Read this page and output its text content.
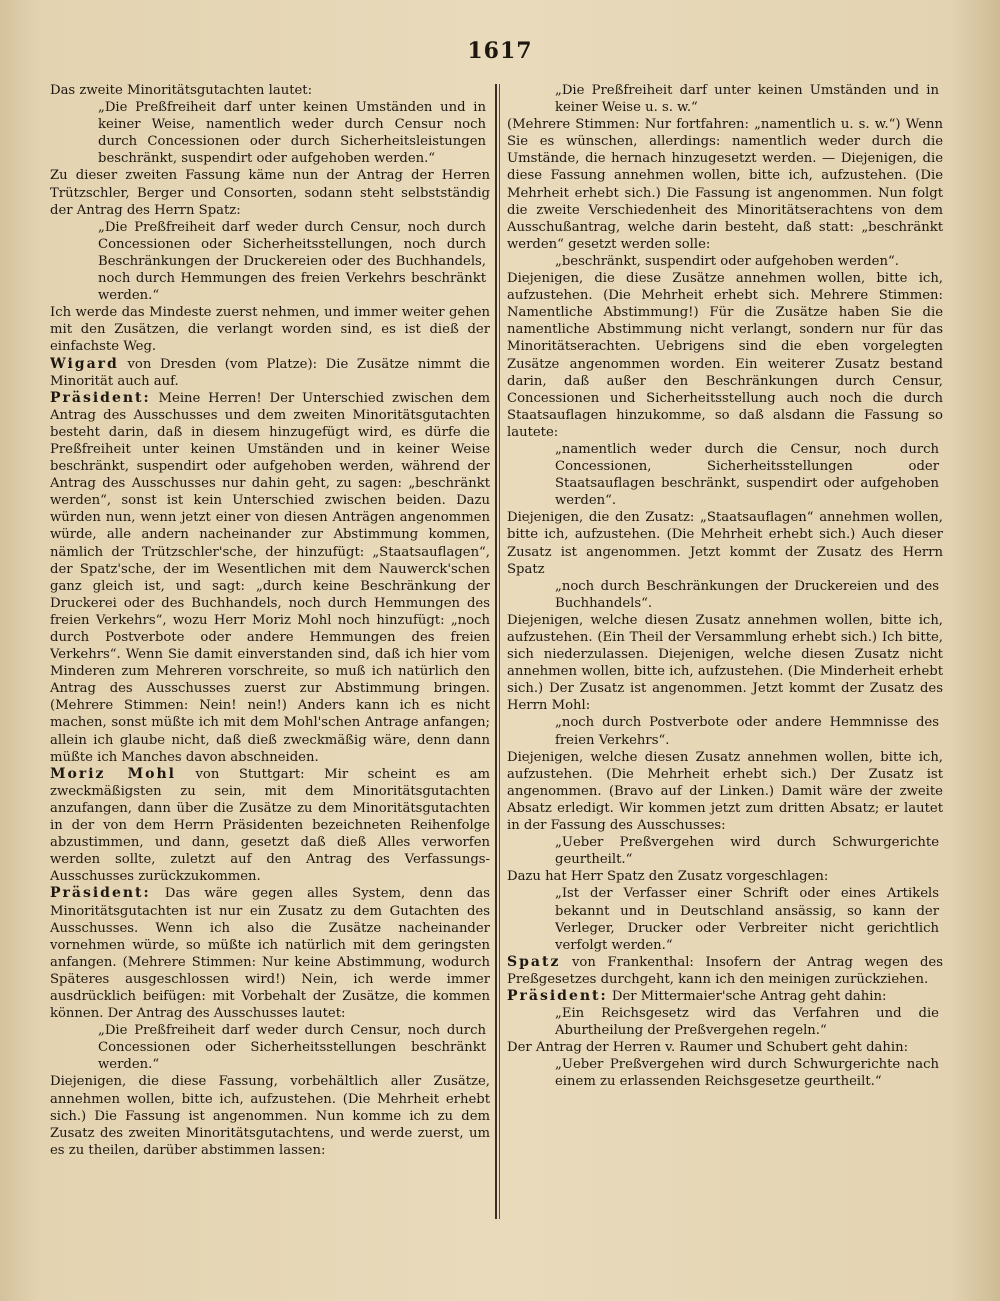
1617

Das zweite Minoritätsgutachten lautet:

„Die Preßfreiheit darf unter keinen Umständen und in keiner Weise, namentlich weder durch Censur noch durch Concessionen oder durch Sicherheitsleistungen beschränkt, suspendirt oder aufgehoben werden.“

Zu dieser zweiten Fassung käme nun der Antrag der Herren Trützschler, Berger und Consorten, sodann steht selbstständig der Antrag des Herrn Spatz:

„Die Preßfreiheit darf weder durch Censur, noch durch Concessionen oder Sicherheitsstellungen, noch durch Beschränkungen der Druckereien oder des Buchhandels, noch durch Hemmungen des freien Verkehrs beschränkt werden.“

Ich werde das Mindeste zuerst nehmen, und immer weiter gehen mit den Zusätzen, die verlangt worden sind, es ist dieß der einfachste Weg.

Wigard von Dresden (vom Platze): Die Zusätze nimmt die Minorität auch auf.

Präsident: Meine Herren! Der Unterschied zwischen dem Antrag des Ausschusses und dem zweiten Minoritätsgutachten besteht darin, daß in diesem hinzugefügt wird, es dürfe die Preßfreiheit unter keinen Umständen und in keiner Weise beschränkt, suspendirt oder aufgehoben werden, während der Antrag des Ausschusses nur dahin geht, zu sagen: „beschränkt werden“, sonst ist kein Unterschied zwischen beiden. Dazu würden nun, wenn jetzt einer von diesen Anträgen angenommen würde, alle andern nacheinander zur Abstimmung kommen, nämlich der Trützschler'sche, der hinzufügt: „Staatsauflagen“, der Spatz'sche, der im Wesentlichen mit dem Nauwerck'schen ganz gleich ist, und sagt: „durch keine Beschränkung der Druckerei oder des Buchhandels, noch durch Hemmungen des freien Verkehrs“, wozu Herr Moriz Mohl noch hinzufügt: „noch durch Postverbote oder andere Hemmungen des freien Verkehrs“. Wenn Sie damit einverstanden sind, daß ich hier vom Minderen zum Mehreren vorschreite, so muß ich natürlich den Antrag des Ausschusses zuerst zur Abstimmung bringen. (Mehrere Stimmen: Nein! nein!) Anders kann ich es nicht machen, sonst müßte ich mit dem Mohl'schen Antrage anfangen; allein ich glaube nicht, daß dieß zweckmäßig wäre, denn dann müßte ich Manches davon abschneiden.

Moriz Mohl von Stuttgart: Mir scheint es am zweckmäßigsten zu sein, mit dem Minoritätsgutachten anzufangen, dann über die Zusätze zu dem Minoritätsgutachten in der von dem Herrn Präsidenten bezeichneten Reihenfolge abzustimmen, und dann, gesetzt daß dieß Alles verworfen werden sollte, zuletzt auf den Antrag des Verfassungs-Ausschusses zurückzukommen.

Präsident: Das wäre gegen alles System, denn das Minoritätsgutachten ist nur ein Zusatz zu dem Gutachten des Ausschusses. Wenn ich also die Zusätze nacheinander vornehmen würde, so müßte ich natürlich mit dem geringsten anfangen. (Mehrere Stimmen: Nur keine Abstimmung, wodurch Späteres ausgeschlossen wird!) Nein, ich werde immer ausdrücklich beifügen: mit Vorbehalt der Zusätze, die kommen können. Der Antrag des Ausschusses lautet:

„Die Preßfreiheit darf weder durch Censur, noch durch Concessionen oder Sicherheitsstellungen beschränkt werden.“

Diejenigen, die diese Fassung, vorbehältlich aller Zusätze, annehmen wollen, bitte ich, aufzustehen. (Die Mehrheit erhebt sich.) Die Fassung ist angenommen. Nun komme ich zu dem Zusatz des zweiten Minoritätsgutachtens, und werde zuerst, um es zu theilen, darüber abstimmen lassen:

„Die Preßfreiheit darf unter keinen Umständen und in keiner Weise u. s. w.“

(Mehrere Stimmen: Nur fortfahren: „namentlich u. s. w.“) Wenn Sie es wünschen, allerdings: namentlich weder durch die Umstände, die hernach hinzugesetzt werden. — Diejenigen, die diese Fassung annehmen wollen, bitte ich, aufzustehen. (Die Mehrheit erhebt sich.) Die Fassung ist angenommen. Nun folgt die zweite Verschiedenheit des Minoritätserachtens von dem Ausschußantrag, welche darin besteht, daß statt: „beschränkt werden“ gesetzt werden solle:

„beschränkt, suspendirt oder aufgehoben werden“.

Diejenigen, die diese Zusätze annehmen wollen, bitte ich, aufzustehen. (Die Mehrheit erhebt sich. Mehrere Stimmen: Namentliche Abstimmung!) Für die Zusätze haben Sie die namentliche Abstimmung nicht verlangt, sondern nur für das Minoritätserachten. Uebrigens sind die eben vorgelegten Zusätze angenommen worden. Ein weiterer Zusatz bestand darin, daß außer den Beschränkungen durch Censur, Concessionen und Sicherheitsstellung auch noch die durch Staatsauflagen hinzukomme, so daß alsdann die Fassung so lautete:

„namentlich weder durch die Censur, noch durch Concessionen, Sicherheitsstellungen oder Staatsauflagen beschränkt, suspendirt oder aufgehoben werden“.

Diejenigen, die den Zusatz: „Staatsauflagen“ annehmen wollen, bitte ich, aufzustehen. (Die Mehrheit erhebt sich.) Auch dieser Zusatz ist angenommen. Jetzt kommt der Zusatz des Herrn Spatz

„noch durch Beschränkungen der Druckereien und des Buchhandels“.

Diejenigen, welche diesen Zusatz annehmen wollen, bitte ich, aufzustehen. (Ein Theil der Versammlung erhebt sich.) Ich bitte, sich niederzulassen. Diejenigen, welche diesen Zusatz nicht annehmen wollen, bitte ich, aufzustehen. (Die Minderheit erhebt sich.) Der Zusatz ist angenommen. Jetzt kommt der Zusatz des Herrn Mohl:

„noch durch Postverbote oder andere Hemmnisse des freien Verkehrs“.

Diejenigen, welche diesen Zusatz annehmen wollen, bitte ich, aufzustehen. (Die Mehrheit erhebt sich.) Der Zusatz ist angenommen. (Bravo auf der Linken.) Damit wäre der zweite Absatz erledigt. Wir kommen jetzt zum dritten Absatz; er lautet in der Fassung des Ausschusses:

„Ueber Preßvergehen wird durch Schwurgerichte geurtheilt.“

Dazu hat Herr Spatz den Zusatz vorgeschlagen:

„Ist der Verfasser einer Schrift oder eines Artikels bekannt und in Deutschland ansässig, so kann der Verleger, Drucker oder Verbreiter nicht gerichtlich verfolgt werden.“

Spatz von Frankenthal: Insofern der Antrag wegen des Preßgesetzes durchgeht, kann ich den meinigen zurückziehen.

Präsident: Der Mittermaier'sche Antrag geht dahin:

„Ein Reichsgesetz wird das Verfahren und die Aburtheilung der Preßvergehen regeln.“

Der Antrag der Herren v. Raumer und Schubert geht dahin:

„Ueber Preßvergehen wird durch Schwurgerichte nach einem zu erlassenden Reichsgesetze geurtheilt.“
